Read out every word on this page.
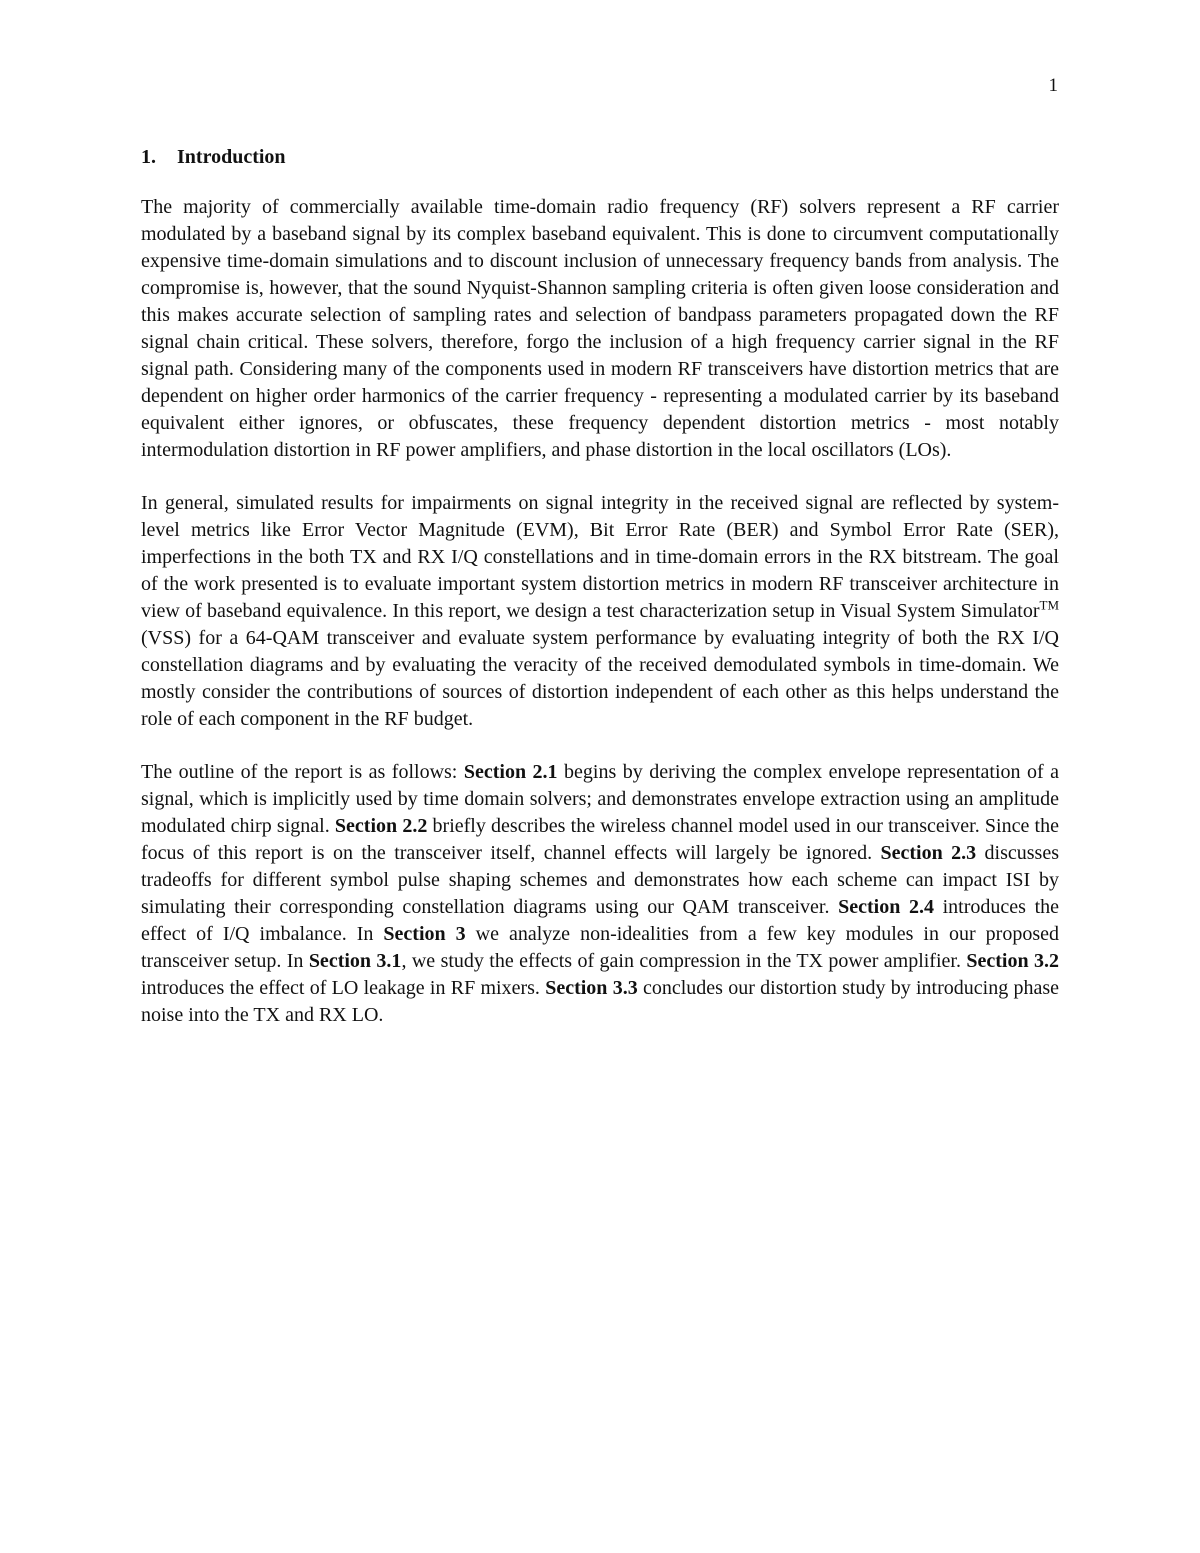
1
1. Introduction

The majority of commercially available time-domain radio frequency (RF) solvers represent a RF carrier modulated by a baseband signal by its complex baseband equivalent. This is done to circumvent computationally expensive time-domain simulations and to discount inclusion of unnecessary frequency bands from analysis. The compromise is, however, that the sound Nyquist-Shannon sampling criteria is often given loose consideration and this makes accurate selection of sampling rates and selection of bandpass parameters propagated down the RF signal chain critical. These solvers, therefore, forgo the inclusion of a high frequency carrier signal in the RF signal path. Considering many of the components used in modern RF transceivers have distortion metrics that are dependent on higher order harmonics of the carrier frequency - representing a modulated carrier by its baseband equivalent either ignores, or obfuscates, these frequency dependent distortion metrics - most notably intermodulation distortion in RF power amplifiers, and phase distortion in the local oscillators (LOs).

In general, simulated results for impairments on signal integrity in the received signal are reflected by system-level metrics like Error Vector Magnitude (EVM), Bit Error Rate (BER) and Symbol Error Rate (SER), imperfections in the both TX and RX I/Q constellations and in time-domain errors in the RX bitstream. The goal of the work presented is to evaluate important system distortion metrics in modern RF transceiver architecture in view of baseband equivalence. In this report, we design a test characterization setup in Visual System Simulator™ (VSS) for a 64-QAM transceiver and evaluate system performance by evaluating integrity of both the RX I/Q constellation diagrams and by evaluating the veracity of the received demodulated symbols in time-domain. We mostly consider the contributions of sources of distortion independent of each other as this helps understand the role of each component in the RF budget.

The outline of the report is as follows: Section 2.1 begins by deriving the complex envelope representation of a signal, which is implicitly used by time domain solvers; and demonstrates envelope extraction using an amplitude modulated chirp signal. Section 2.2 briefly describes the wireless channel model used in our transceiver. Since the focus of this report is on the transceiver itself, channel effects will largely be ignored. Section 2.3 discusses tradeoffs for different symbol pulse shaping schemes and demonstrates how each scheme can impact ISI by simulating their corresponding constellation diagrams using our QAM transceiver. Section 2.4 introduces the effect of I/Q imbalance. In Section 3 we analyze non-idealities from a few key modules in our proposed transceiver setup. In Section 3.1, we study the effects of gain compression in the TX power amplifier. Section 3.2 introduces the effect of LO leakage in RF mixers. Section 3.3 concludes our distortion study by introducing phase noise into the TX and RX LO.
